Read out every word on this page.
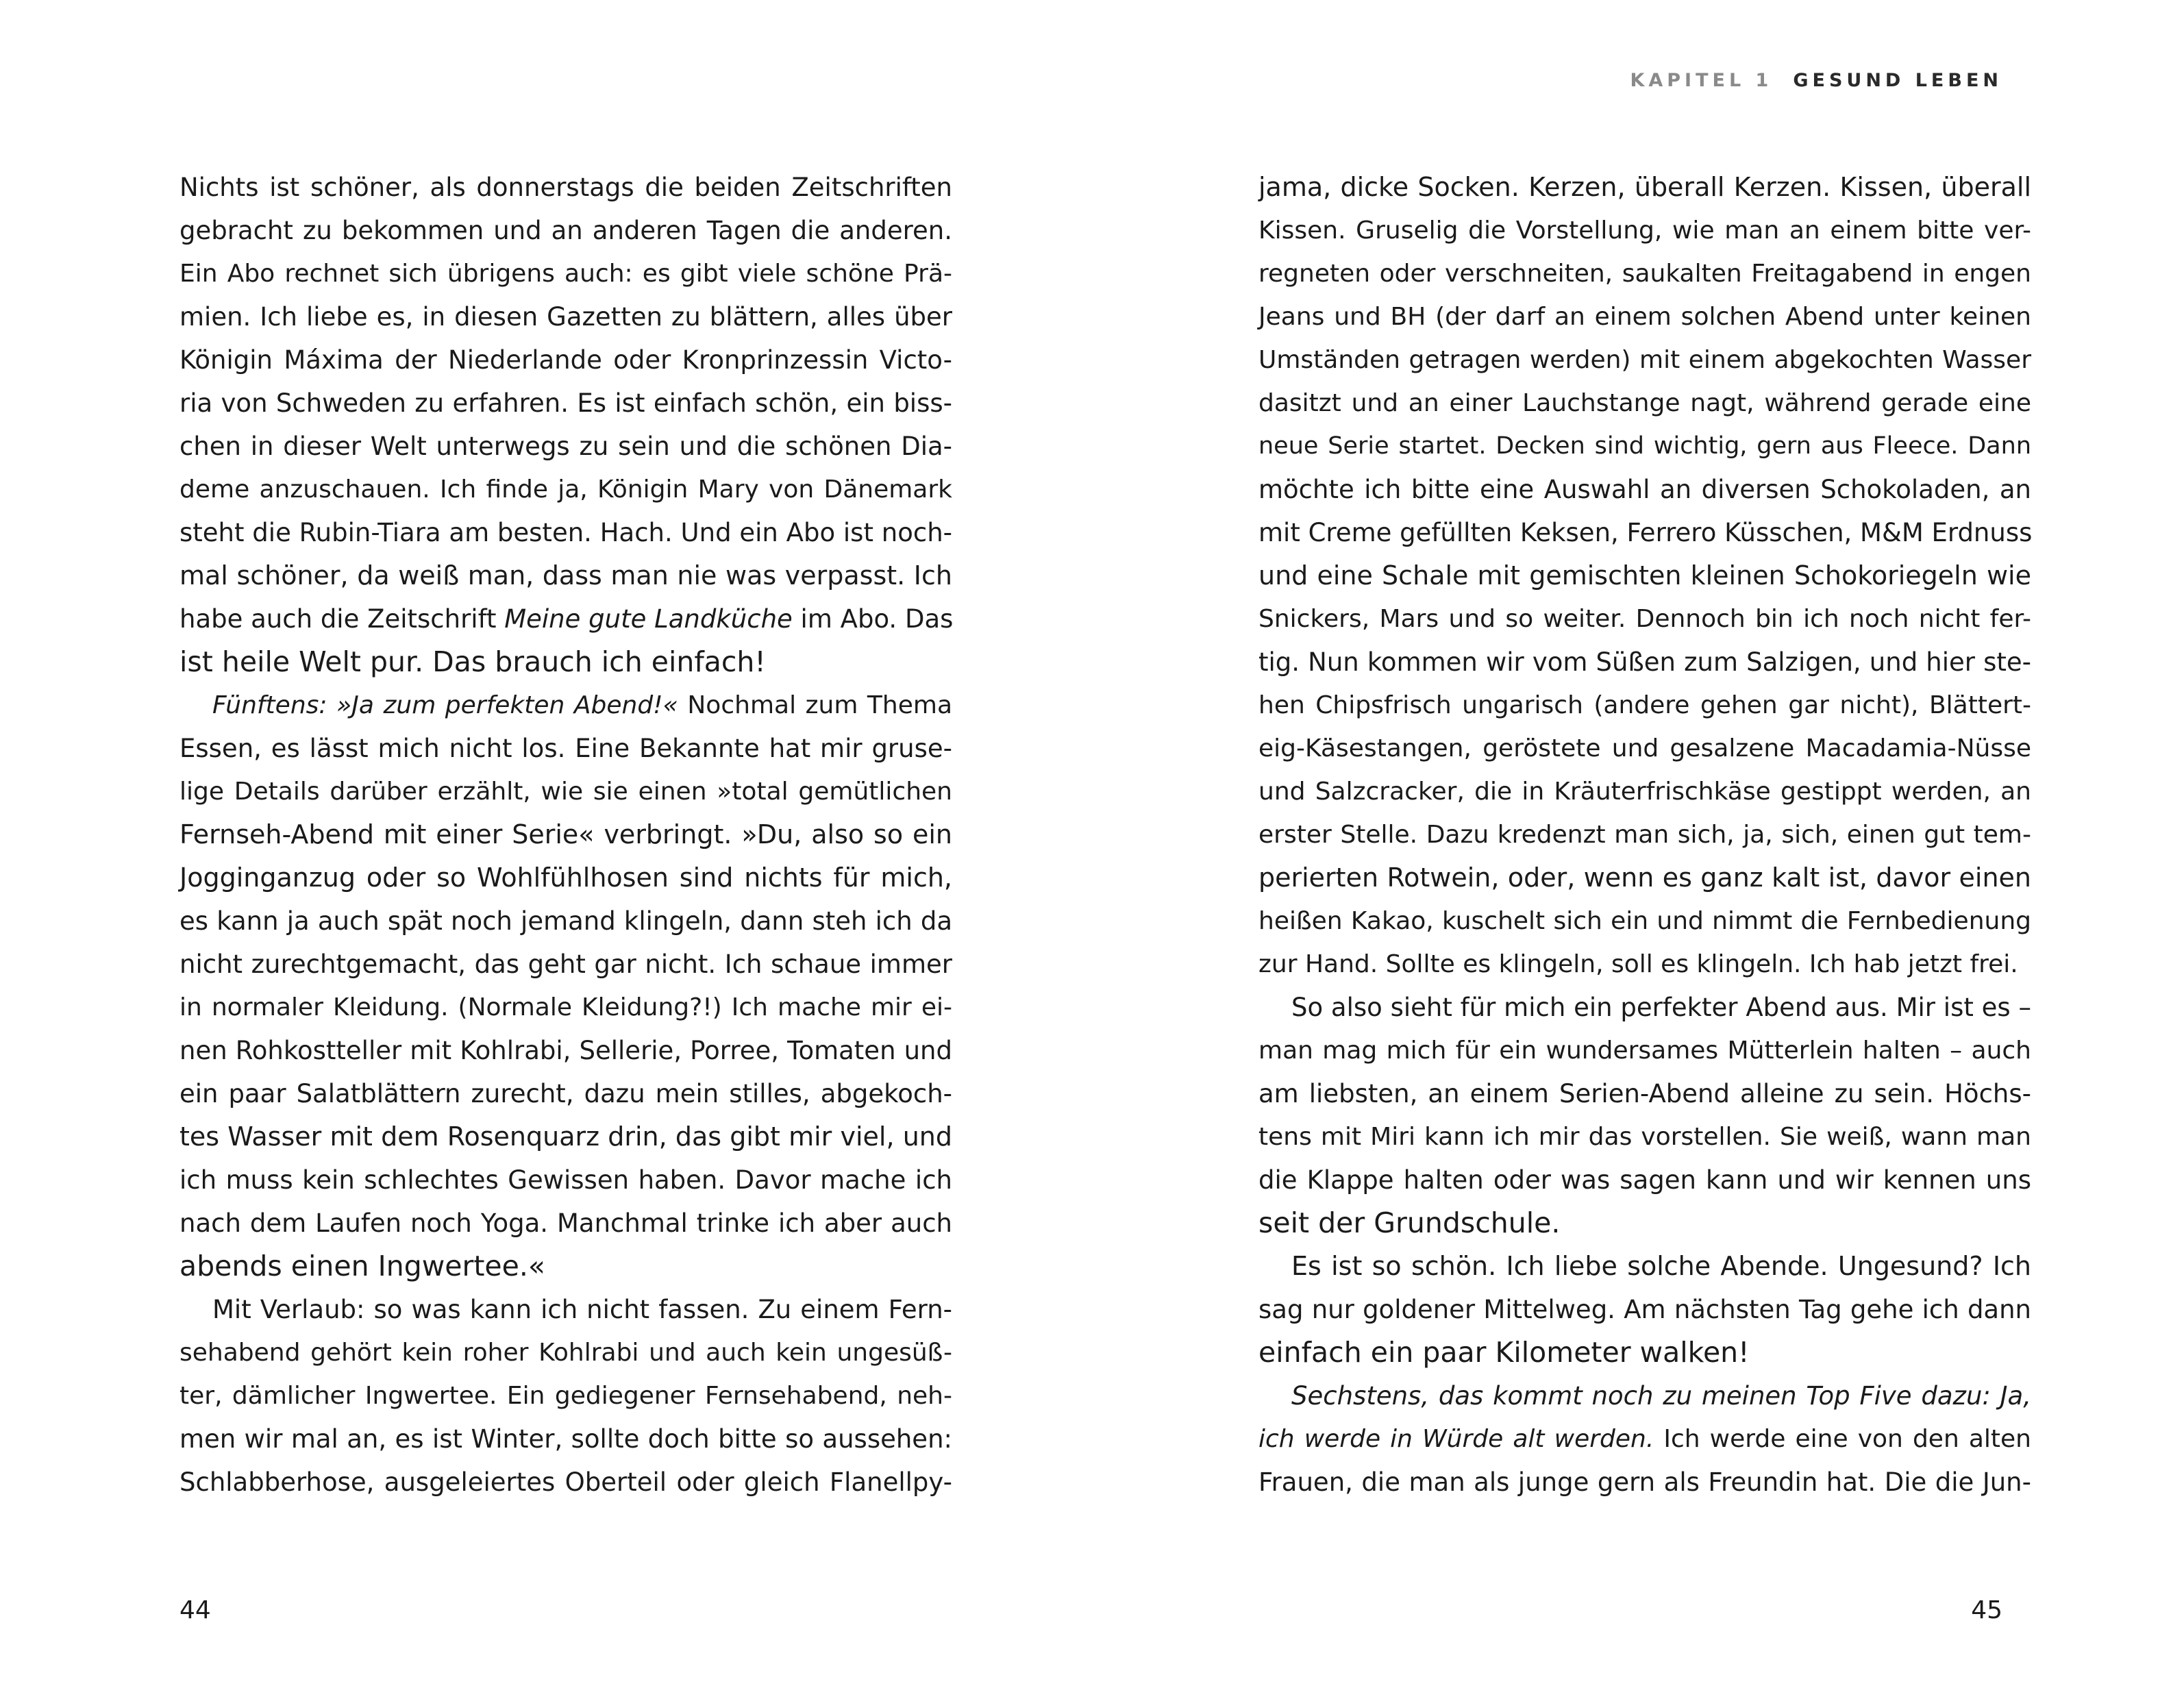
Nichts ist schöner, als donnerstags die beiden Zeitschriften
gebracht zu bekommen und an anderen Tagen die anderen.
Ein Abo rechnet sich übrigens auch: es gibt viele schöne Prä-
mien. Ich liebe es, in diesen Gazetten zu blättern, alles über
Königin Máxima der Niederlande oder Kronprinzessin Victo-
ria von Schweden zu erfahren. Es ist einfach schön, ein biss-
chen in dieser Welt unterwegs zu sein und die schönen Dia-
deme anzuschauen. Ich finde ja, Königin Mary von Dänemark
steht die Rubin-Tiara am besten. Hach. Und ein Abo ist noch-
mal schöner, da weiß man, dass man nie was verpasst. Ich
habe auch die Zeitschrift Meine gute Landküche im Abo. Das
ist heile Welt pur. Das brauch ich einfach!
Fünftens: »Ja zum perfekten Abend!« Nochmal zum Thema
Essen, es lässt mich nicht los. Eine Bekannte hat mir gruse-
lige Details darüber erzählt, wie sie einen »total gemütlichen
Fernseh-Abend mit einer Serie« verbringt. »Du, also so ein
Jogginganzug oder so Wohlfühlhosen sind nichts für mich,
es kann ja auch spät noch jemand klingeln, dann steh ich da
nicht zurechtgemacht, das geht gar nicht. Ich schaue immer
in normaler Kleidung. (Normale Kleidung?!) Ich mache mir ei-
nen Rohkostteller mit Kohlrabi, Sellerie, Porree, Tomaten und
ein paar Salatblättern zurecht, dazu mein stilles, abgekoch-
tes Wasser mit dem Rosenquarz drin, das gibt mir viel, und
ich muss kein schlechtes Gewissen haben. Davor mache ich
nach dem Laufen noch Yoga. Manchmal trinke ich aber auch
abends einen Ingwertee.«
Mit Verlaub: so was kann ich nicht fassen. Zu einem Fern-
sehabend gehört kein roher Kohlrabi und auch kein ungesüß-
ter, dämlicher Ingwertee. Ein gediegener Fernsehabend, neh-
men wir mal an, es ist Winter, sollte doch bitte so aussehen:
Schlabberhose, ausgeleiertes Oberteil oder gleich Flanellpy-
44
KAPITEL 1 GESUND LEBEN
jama, dicke Socken. Kerzen, überall Kerzen. Kissen, überall
Kissen. Gruselig die Vorstellung, wie man an einem bitte ver-
regneten oder verschneiten, saukalten Freitagabend in engen
Jeans und BH (der darf an einem solchen Abend unter keinen
Umständen getragen werden) mit einem abgekochten Wasser
dasitzt und an einer Lauchstange nagt, während gerade eine
neue Serie startet. Decken sind wichtig, gern aus Fleece. Dann
möchte ich bitte eine Auswahl an diversen Schokoladen, an
mit Creme gefüllten Keksen, Ferrero Küsschen, M&M Erdnuss
und eine Schale mit gemischten kleinen Schokoriegeln wie
Snickers, Mars und so weiter. Dennoch bin ich noch nicht fer-
tig. Nun kommen wir vom Süßen zum Salzigen, und hier ste-
hen Chipsfrisch ungarisch (andere gehen gar nicht), Blättert-
eig-Käsestangen, geröstete und gesalzene Macadamia-Nüsse
und Salzcracker, die in Kräuterfrischkäse gestippt werden, an
erster Stelle. Dazu kredenzt man sich, ja, sich, einen gut tem-
perierten Rotwein, oder, wenn es ganz kalt ist, davor einen
heißen Kakao, kuschelt sich ein und nimmt die Fernbedienung
zur Hand. Sollte es klingeln, soll es klingeln. Ich hab jetzt frei.
So also sieht für mich ein perfekter Abend aus. Mir ist es –
man mag mich für ein wundersames Mütterlein halten – auch
am liebsten, an einem Serien-Abend alleine zu sein. Höchs-
tens mit Miri kann ich mir das vorstellen. Sie weiß, wann man
die Klappe halten oder was sagen kann und wir kennen uns
seit der Grundschule.
Es ist so schön. Ich liebe solche Abende. Ungesund? Ich
sag nur goldener Mittelweg. Am nächsten Tag gehe ich dann
einfach ein paar Kilometer walken!
Sechstens, das kommt noch zu meinen Top Five dazu: Ja,
ich werde in Würde alt werden. Ich werde eine von den alten
Frauen, die man als junge gern als Freundin hat. Die die Jun-
45
